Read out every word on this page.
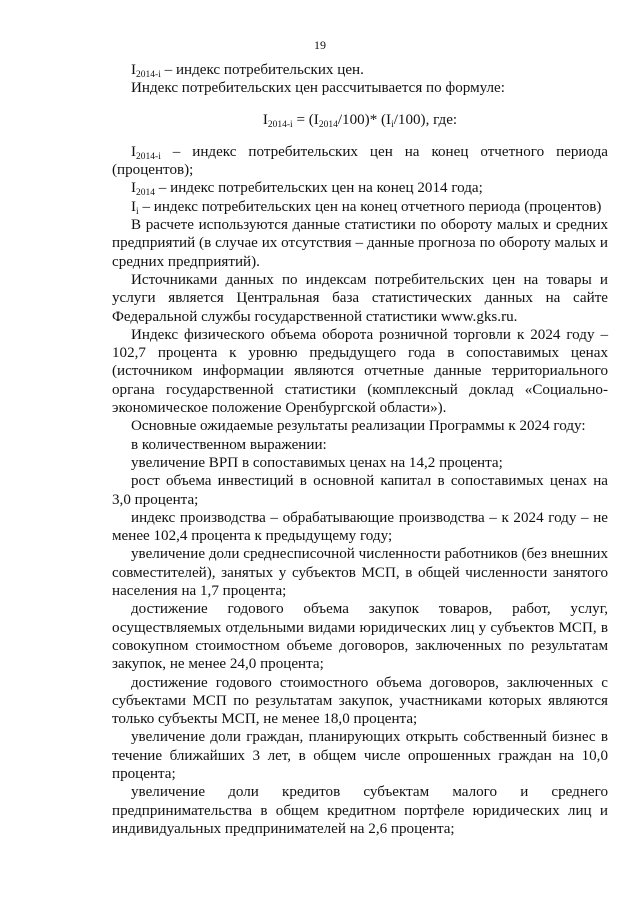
19

$I_{2014-i}$ – индекс потребительских цен.

Индекс потребительских цен рассчитывается по формуле:

$I_{2014-i} = (I_{2014}/100)*$ $(I_i/100)$, где:

$I_{2014-i}$ – индекс потребительских цен на конец отчетного периода (процентов);

$I_{2014}$ – индекс потребительских цен на конец 2014 года;

$I_i$ – индекс потребительских цен на конец отчетного периода (процентов)

В расчете используются данные статистики по обороту малых и средних предприятий (в случае их отсутствия – данные прогноза по обороту малых и средних предприятий).

Источниками данных по индексам потребительских цен на товары и услуги является Центральная база статистических данных на сайте Федеральной службы государственной статистики www.gks.ru.

Индекс физического объема оборота розничной торговли к 2024 году – 102,7 процента к уровню предыдущего года в сопоставимых ценах (источником информации являются отчетные данные территориального органа государственной статистики (комплексный доклад «Социально-экономическое положение Оренбургской области»).

Основные ожидаемые результаты реализации Программы к 2024 году:

в количественном выражении:

увеличение ВРП в сопоставимых ценах на 14,2 процента;

рост объема инвестиций в основной капитал в сопоставимых ценах на 3,0 процента;

индекс производства – обрабатывающие производства – к 2024 году – не менее 102,4 процента к предыдущему году;

увеличение доли среднесписочной численности работников (без внешних совместителей), занятых у субъектов МСП, в общей численности занятого населения на 1,7 процента;

достижение годового объема закупок товаров, работ, услуг, осуществляемых отдельными видами юридических лиц у субъектов МСП, в совокупном стоимостном объеме договоров, заключенных по результатам закупок, не менее 24,0 процента;

достижение годового стоимостного объема договоров, заключенных с субъектами МСП по результатам закупок, участниками которых являются только субъекты МСП, не менее 18,0 процента;

увеличение доли граждан, планирующих открыть собственный бизнес в течение ближайших 3 лет, в общем числе опрошенных граждан на 10,0 процента;

увеличение доли кредитов субъектам малого и среднего предпринимательства в общем кредитном портфеле юридических лиц и индивидуальных предпринимателей на 2,6 процента;
